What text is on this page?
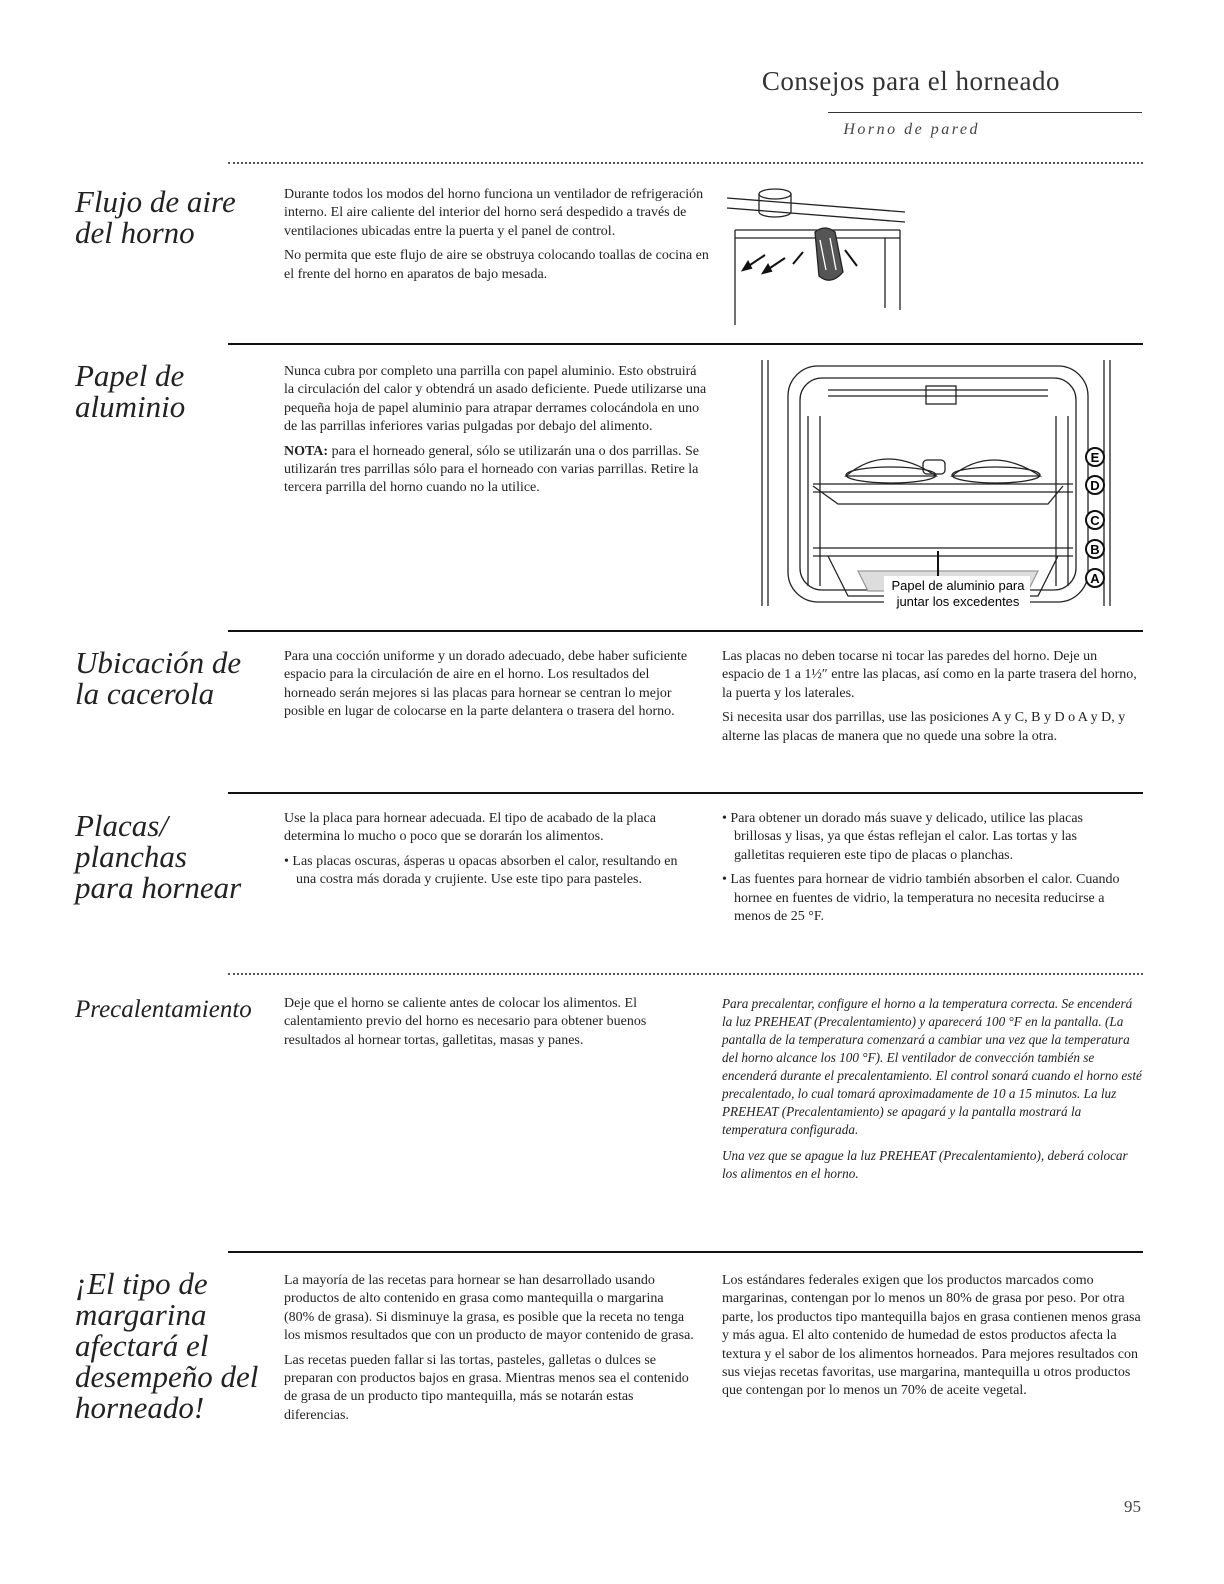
Consejos para el horneado
Horno de pared
Flujo de aire
del horno

Durante todos los modos del horno funciona un ventilador de refrigeración interno. El aire caliente del interior del horno será despedido a través de ventilaciones ubicadas entre la puerta y el panel de control.

No permita que este flujo de aire se obstruya colocando toallas de cocina en el frente del horno en aparatos de bajo mesada.

Papel de
aluminio

Nunca cubra por completo una parrilla con papel aluminio. Esto obstruirá la circulación del calor y obtendrá un asado deficiente. Puede utilizarse una pequeña hoja de papel aluminio para atrapar derrames colocándola en uno de las parrillas inferiores varias pulgadas por debajo del alimento.

NOTA: para el horneado general, sólo se utilizarán una o dos parrillas. Se utilizarán tres parrillas sólo para el horneado con varias parrillas. Retire la tercera parrilla del horno cuando no la utilice.

E
D
C
B
A
Papel de aluminio para
juntar los excedentes
Ubicación de
la cacerola

Para una cocción uniforme y un dorado adecuado, debe haber suficiente espacio para la circulación de aire en el horno. Los resultados del horneado serán mejores si las placas para hornear se centran lo mejor posible en lugar de colocarse en la parte delantera o trasera del horno.

Las placas no deben tocarse ni tocar las paredes del horno. Deje un espacio de 1 a 1½″ entre las placas, así como en la parte trasera del horno, la puerta y los laterales.

Si necesita usar dos parrillas, use las posiciones A y C, B y D o A y D, y alterne las placas de manera que no quede una sobre la otra.

Placas/
planchas
para hornear

Use la placa para hornear adecuada. El tipo de acabado de la placa determina lo mucho o poco que se dorarán los alimentos.

• Las placas oscuras, ásperas u opacas absorben el calor, resultando en una costra más dorada y crujiente. Use este tipo para pasteles.

• Para obtener un dorado más suave y delicado, utilice las placas brillosas y lisas, ya que éstas reflejan el calor. Las tortas y las galletitas requieren este tipo de placas o planchas.

• Las fuentes para hornear de vidrio también absorben el calor. Cuando hornee en fuentes de vidrio, la temperatura no necesita reducirse a menos de 25 °F.

Precalentamiento Deje que el horno se caliente antes de colocar los alimentos. El calentamiento previo del horno es necesario para obtener buenos resultados al hornear tortas, galletitas, masas y panes.

Para precalentar, configure el horno a la temperatura correcta. Se encenderá la luz PREHEAT (Precalentamiento) y aparecerá 100 °F en la pantalla. (La pantalla de la temperatura comenzará a cambiar una vez que la temperatura del horno alcance los 100 °F). El ventilador de convección también se encenderá durante el precalentamiento. El control sonará cuando el horno esté precalentado, lo cual tomará aproximadamente de 10 a 15 minutos. La luz PREHEAT (Precalentamiento) se apagará y la pantalla mostrará la temperatura configurada.

Una vez que se apague la luz PREHEAT (Precalentamiento), deberá colocar los alimentos en el horno.

¡El tipo de
margarina
afectará el
desempeño del
horneado!

La mayoría de las recetas para hornear se han desarrollado usando productos de alto contenido en grasa como mantequilla o margarina (80% de grasa). Si disminuye la grasa, es posible que la receta no tenga los mismos resultados que con un producto de mayor contenido de grasa.

Las recetas pueden fallar si las tortas, pasteles, galletas o dulces se preparan con productos bajos en grasa. Mientras menos sea el contenido de grasa de un producto tipo mantequilla, más se notarán estas diferencias.

Los estándares federales exigen que los productos marcados como margarinas, contengan por lo menos un 80% de grasa por peso. Por otra parte, los productos tipo mantequilla bajos en grasa contienen menos grasa y más agua. El alto contenido de humedad de estos productos afecta la textura y el sabor de los alimentos horneados. Para mejores resultados con sus viejas recetas favoritas, use margarina, mantequilla u otros productos que contengan por lo menos un 70% de aceite vegetal.

95
